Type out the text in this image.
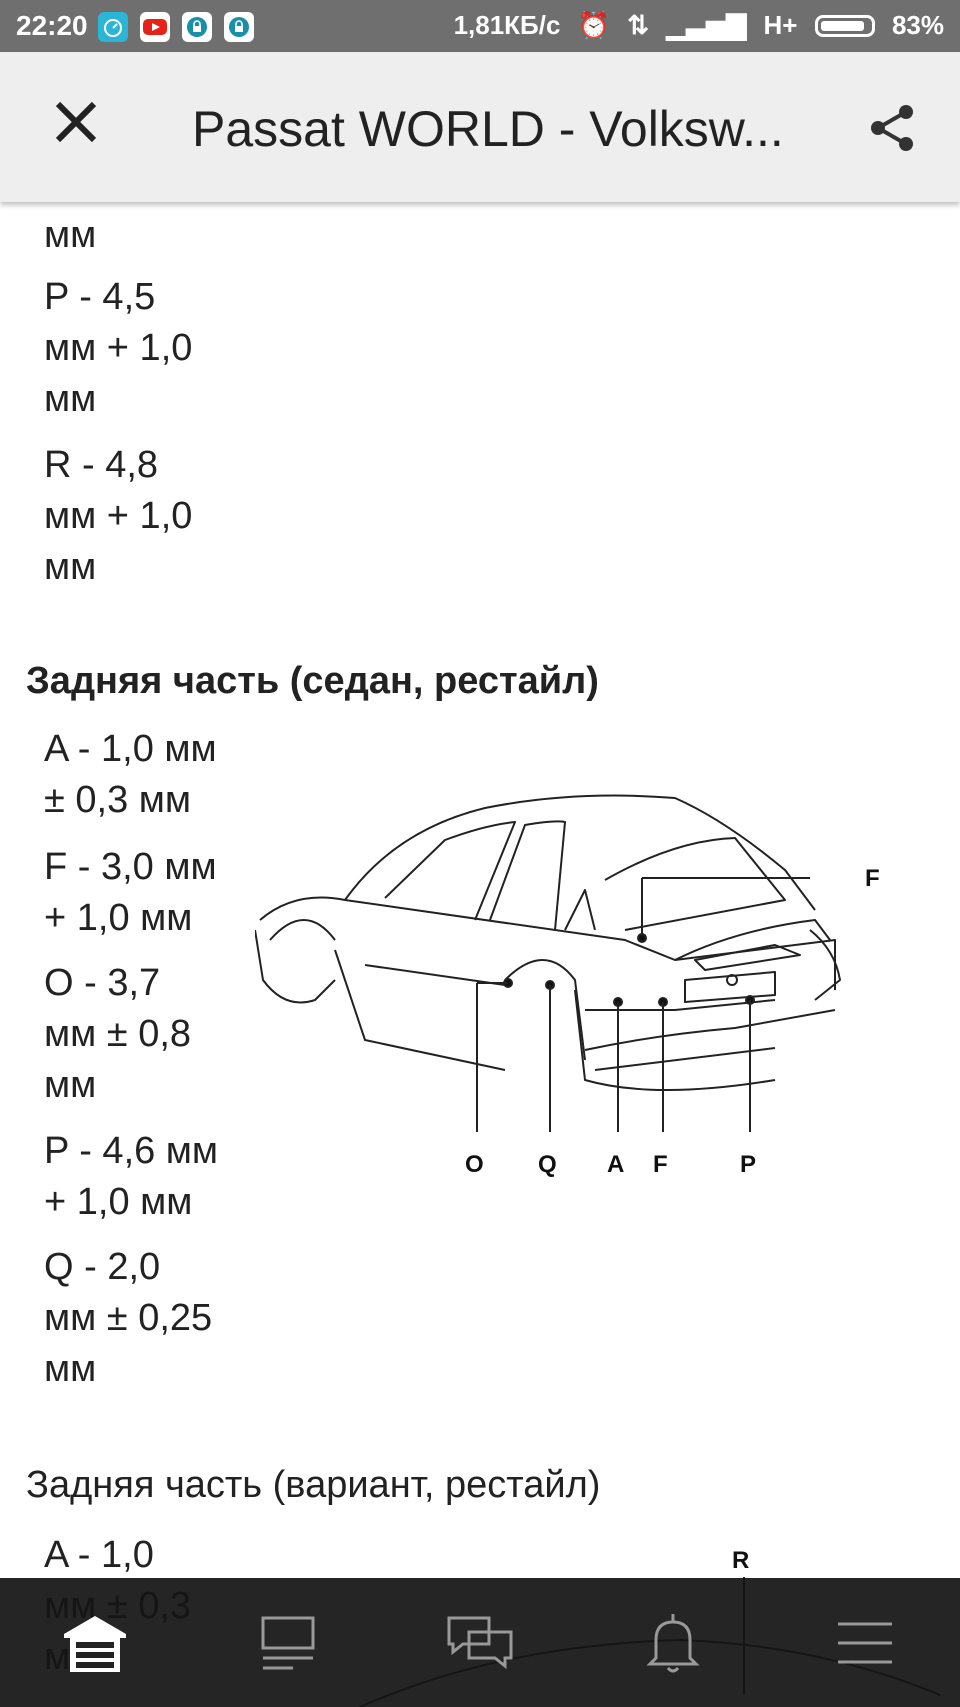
22:20	1,81КБ/с ⏰ ⇅ ▁▃▅▇ H+	83%
Passat WORLD - Volksw...
мм
P - 4,5
мм + 1,0
мм
R - 4,8
мм + 1,0
мм
Задняя часть (седан, рестайл)
A - 1,0 мм
± 0,3 мм
F - 3,0 мм
+ 1,0 мм
O - 3,7
мм ± 0,8
мм
P - 4,6 мм
+ 1,0 мм
Q - 2,0
мм ± 0,25
мм
Задняя часть (вариант, рестайл)
A - 1,0
F
O Q A F	P
R
